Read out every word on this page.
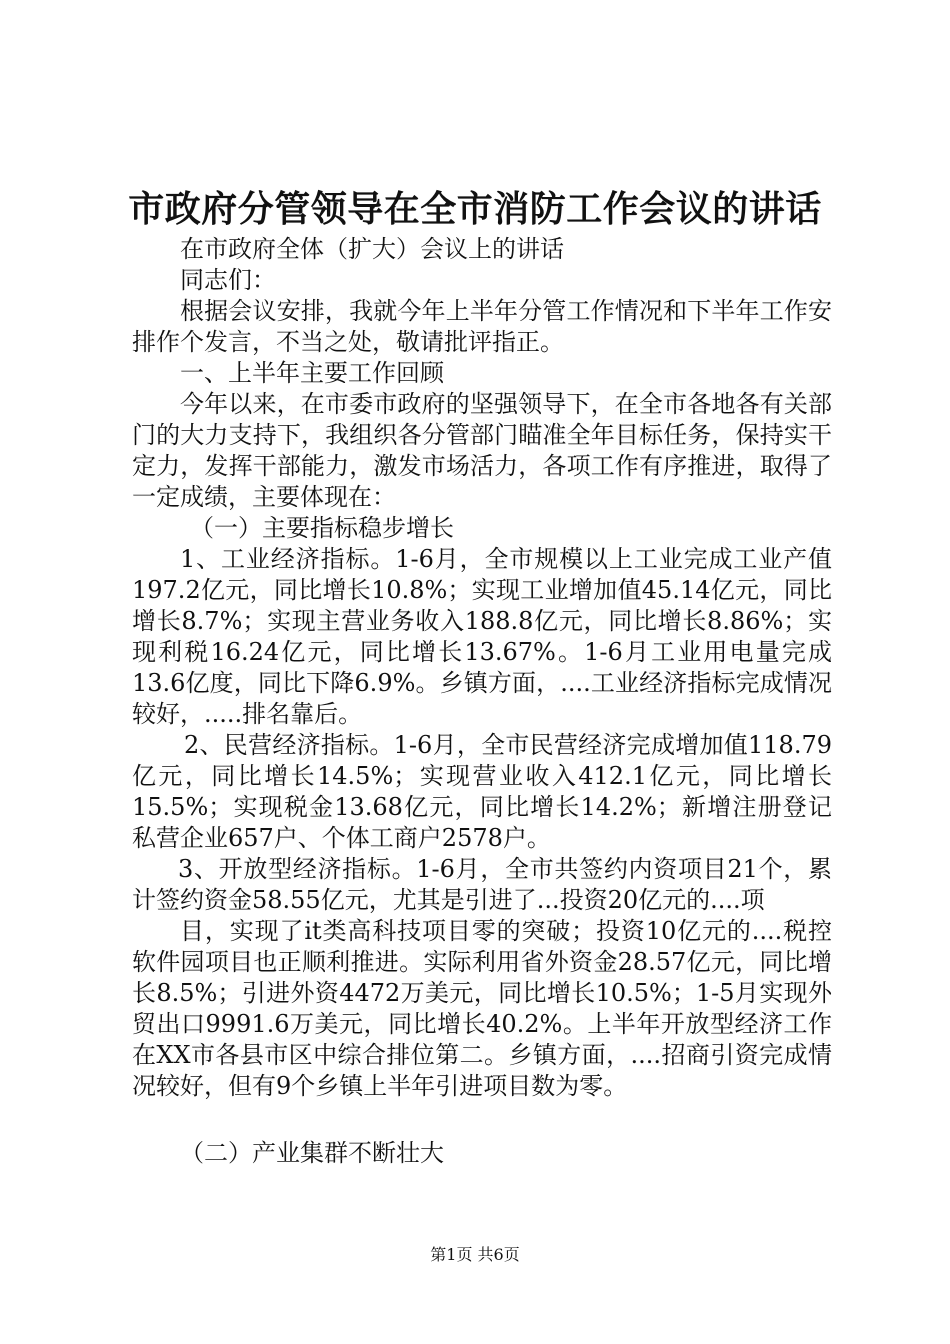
市政府分管领导在全市消防工作会议的讲话

在市政府全体（扩大）会议上的讲话

同志们：

根据会议安排，我就今年上半年分管工作情况和下半年工作安排作个发言，不当之处，敬请批评指正。

一、上半年主要工作回顾

今年以来，在市委市政府的坚强领导下，在全市各地各有关部门的大力支持下，我组织各分管部门瞄准全年目标任务，保持实干定力，发挥干部能力，激发市场活力，各项工作有序推进，取得了一定成绩，主要体现在：

（一）主要指标稳步增长

1、工业经济指标。1-6月，全市规模以上工业完成工业产值197.2亿元，同比增长10.8%；实现工业增加值45.14亿元，同比增长8.7%；实现主营业务收入188.8亿元，同比增长8.86%；实现利税16.24亿元，同比增长13.67%。1-6月工业用电量完成13.6亿度，同比下降6.9%。乡镇方面，....工业经济指标完成情况较好，.....排名靠后。

2、民营经济指标。1-6月，全市民营经济完成增加值118.79亿元，同比增长14.5%；实现营业收入412.1亿元，同比增长15.5%；实现税金13.68亿元，同比增长14.2%；新增注册登记私营企业657户、个体工商户2578户。

3、开放型经济指标。1-6月，全市共签约内资项目21个，累计签约资金58.55亿元，尤其是引进了...投资20亿元的....项

目，实现了it类高科技项目零的突破；投资10亿元的....税控软件园项目也正顺利推进。实际利用省外资金28.57亿元，同比增长8.5%；引进外资4472万美元，同比增长10.5%；1-5月实现外贸出口9991.6万美元，同比增长40.2%。上半年开放型经济工作在XX市各县市区中综合排位第二。乡镇方面，....招商引资完成情况较好，但有9个乡镇上半年引进项目数为零。

（二）产业集群不断壮大

第1页 共6页
